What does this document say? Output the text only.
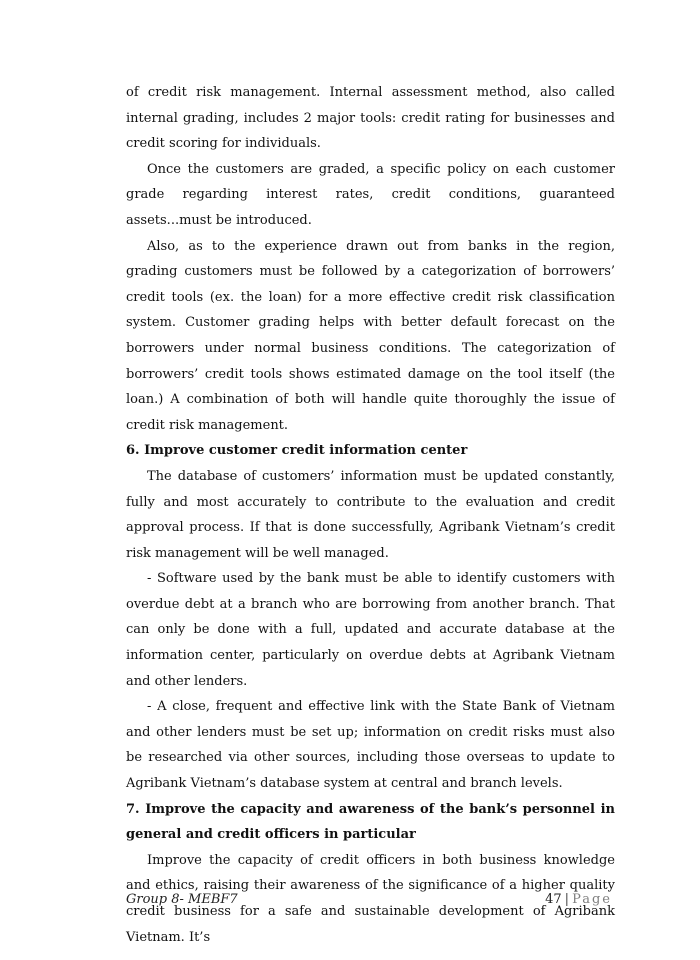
of credit risk management. Internal assessment method, also called internal grading, includes 2 major tools: credit rating for businesses and credit scoring for individuals.

Once the customers are graded, a specific policy on each customer grade regarding interest rates, credit conditions, guaranteed assets...must be introduced.

Also, as to the experience drawn out from banks in the region, grading customers must be followed by a categorization of borrowers’ credit tools (ex. the loan) for a more effective credit risk classification system. Customer grading helps with better default forecast on the borrowers under normal business conditions. The categorization of borrowers’ credit tools shows estimated damage on the tool itself (the loan.) A combination of both will handle quite thoroughly the issue of credit risk management.

6. Improve customer credit information center

The database of customers’ information must be updated constantly, fully and most accurately to contribute to the evaluation and credit approval process. If that is done successfully, Agribank Vietnam’s credit risk management will be well managed.

- Software used by the bank must be able to identify customers with overdue debt at a branch who are borrowing from another branch. That can only be done with a full, updated and accurate database at the information center, particularly on overdue debts at Agribank Vietnam and other lenders.

- A close, frequent and effective link with the State Bank of Vietnam and other lenders must be set up; information on credit risks must also be researched via other sources, including those overseas to update to Agribank Vietnam’s database system at central and branch levels.

7. Improve the capacity and awareness of the bank’s personnel in general and credit officers in particular

Improve the capacity of credit officers in both business knowledge and ethics, raising their awareness of the significance of a higher quality credit business for a safe and sustainable development of Agribank Vietnam. It’s

Group 8- MEBF7	47 | Page
